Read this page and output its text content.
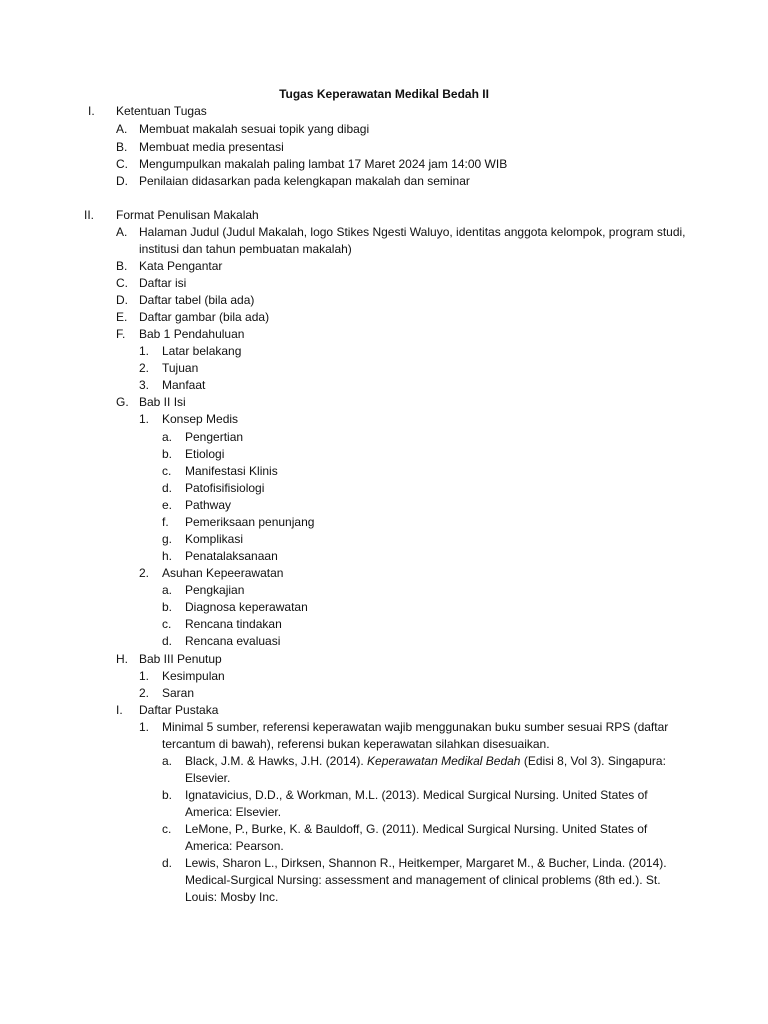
Tugas Keperawatan Medikal Bedah II
I. Ketentuan Tugas
A. Membuat makalah sesuai topik yang dibagi
B. Membuat media presentasi
C. Mengumpulkan makalah paling lambat 17 Maret 2024 jam 14:00 WIB
D. Penilaian didasarkan pada kelengkapan makalah dan seminar
II. Format Penulisan Makalah
A. Halaman Judul (Judul Makalah, logo Stikes Ngesti Waluyo, identitas anggota kelompok, program studi,
institusi dan tahun pembuatan makalah)
B. Kata Pengantar
C. Daftar isi
D. Daftar tabel (bila ada)
E. Daftar gambar (bila ada)
F. Bab 1 Pendahuluan
1. Latar belakang
2. Tujuan
3. Manfaat
G. Bab II Isi
1. Konsep Medis
a. Pengertian
b. Etiologi
c. Manifestasi Klinis
d. Patofisifisiologi
e. Pathway
f. Pemeriksaan penunjang
g. Komplikasi
h. Penatalaksanaan
2. Asuhan Kepeerawatan
a. Pengkajian
b. Diagnosa keperawatan
c. Rencana tindakan
d. Rencana evaluasi
H. Bab III Penutup
1. Kesimpulan
2. Saran
I. Daftar Pustaka
1. Minimal 5 sumber, referensi keperawatan wajib menggunakan buku sumber sesuai RPS (daftar
tercantum di bawah), referensi bukan keperawatan silahkan disesuaikan.
a. Black, J.M. & Hawks, J.H. (2014). Keperawatan Medikal Bedah (Edisi 8, Vol 3). Singapura:
Elsevier.
b. Ignatavicius, D.D., & Workman, M.L. (2013). Medical Surgical Nursing. United States of
America: Elsevier.
c. LeMone, P., Burke, K. & Bauldoff, G. (2011). Medical Surgical Nursing. United States of
America: Pearson.
d. Lewis, Sharon L., Dirksen, Shannon R., Heitkemper, Margaret M., & Bucher, Linda. (2014).
Medical-Surgical Nursing: assessment and management of clinical problems (8th ed.). St.
Louis: Mosby Inc.
